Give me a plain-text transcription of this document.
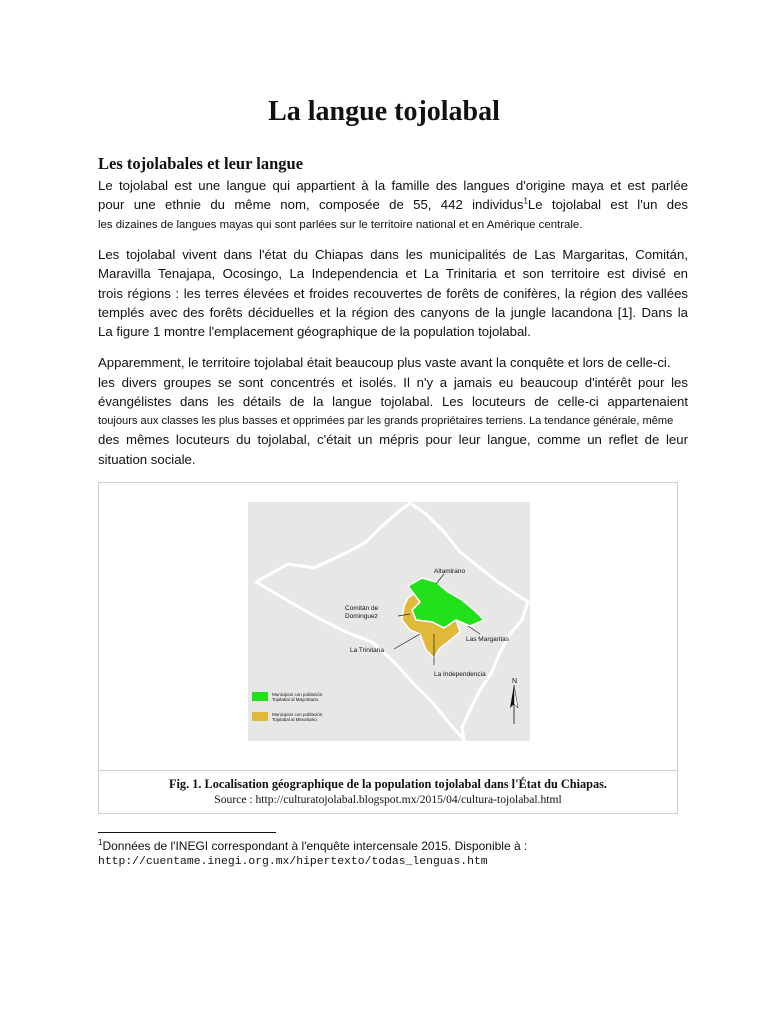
La langue tojolabal
Les tojolabales et leur langue

Le tojolabal est une langue qui appartient à la famille des langues d'origine maya et est parlée

pour une ethnie du même nom, composée de 55, 442 individus$^1$Le tojolabal est l'un des

les dizaines de langues mayas qui sont parlées sur le territoire national et en Amérique centrale.

Les tojolabal vivent dans l'état du Chiapas dans les municipalités de Las Margaritas, Comitán,

Maravilla Tenajapa, Ocosingo, La Independencia et La Trinitaria et son territoire est divisé en

trois régions : les terres élevées et froides recouvertes de forêts de conifères, la région des vallées

templés avec des forêts déciduelles et la région des canyons de la jungle lacandona [1]. Dans la

La figure 1 montre l'emplacement géographique de la population tojolabal.

Apparemment, le territoire tojolabal était beaucoup plus vaste avant la conquête et lors de celle-ci.

les divers groupes se sont concentrés et isolés. Il n'y a jamais eu beaucoup d'intérêt pour les

évangélistes dans les détails de la langue tojolabal. Les locuteurs de celle-ci appartenaient

toujours aux classes les plus basses et opprimées par les grands propriétaires terriens. La tendance générale, même

des mêmes locuteurs du tojolabal, c'était un mépris pour leur langue, comme un reflet de leur

situation sociale.

Altamirano
Comitán de
Dominguez
Las Margaritas
La Trinitaria
La Independencia
N
Municipios con población
Tojolabal al Mayoritario.
Municipios con población
Tojolabal al Minoritario.

Fig. 1. Localisation géographique de la population tojolabal dans l'État du Chiapas.

Source : http://culturatojolabal.blogspot.mx/2015/04/cultura-tojolabal.html

$^1$Données de l'INEGI correspondant à l'enquête intercensale 2015. Disponible à :

http://cuentame.inegi.org.mx/hipertexto/todas_lenguas.htm
